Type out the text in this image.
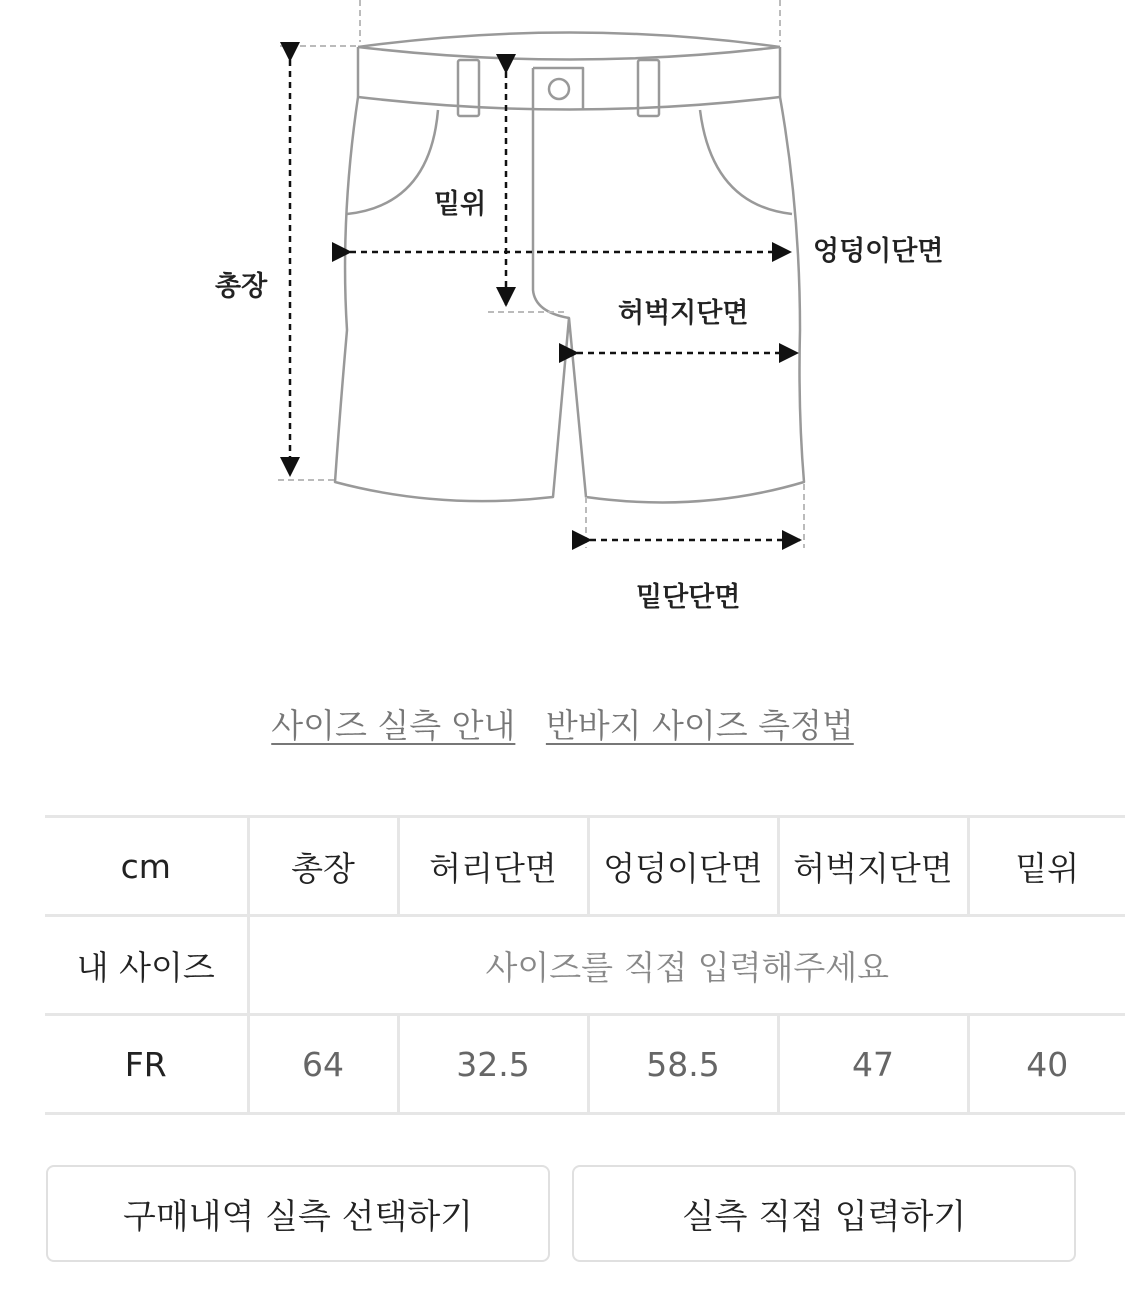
총장
밑위
엉덩이단면
허벅지단면
밑단단면
사이즈 실측 안내 반바지 사이즈 측정법
cm	총장	허리단면	엉덩이단면	허벅지단면	밑위
내 사이즈	사이즈를 직접 입력해주세요				
FR	64	32.5	58.5	47	40
구매내역 실측 선택하기	실측 직접 입력하기
